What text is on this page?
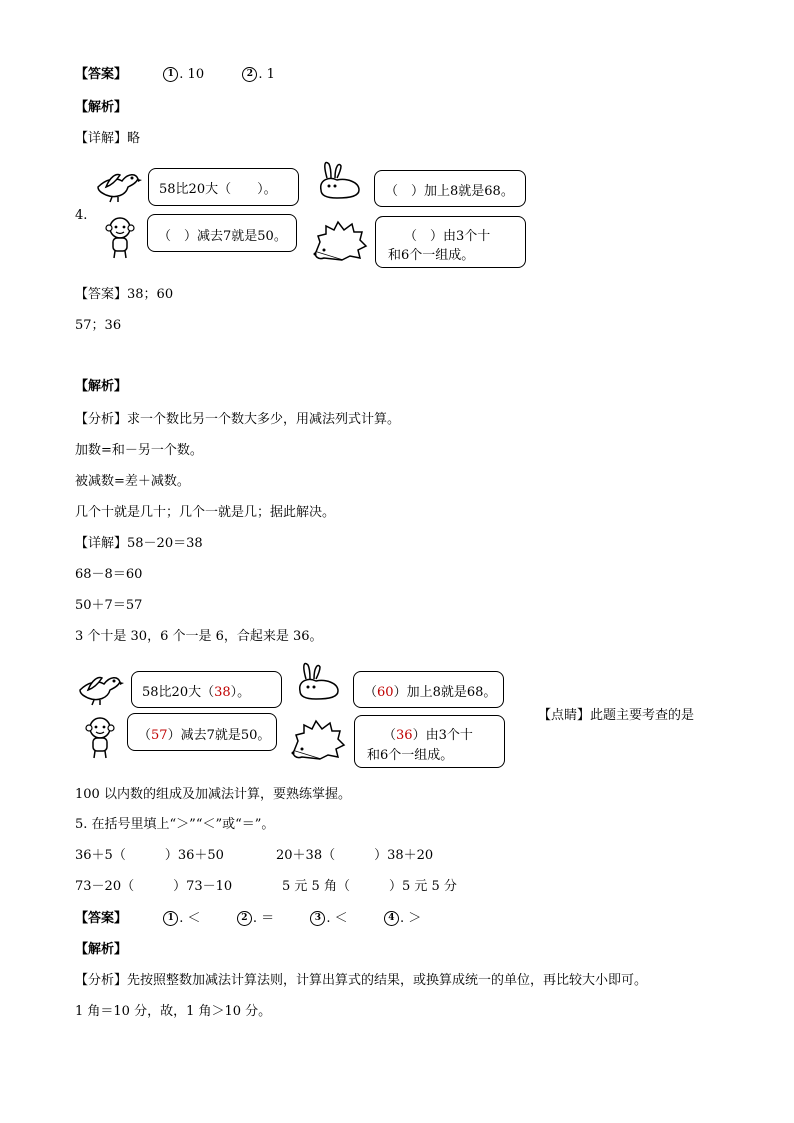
【答案】	1 . 10	2 . 1
【解析】
【详解】略
4.
58比20大（　　）。	（　）加上8就是68。
（　）减去7就是50。	（　）由3个十
和6个一组成。
【答案】38；60
57；36
【解析】
【分析】求一个数比另一个数大多少，用减法列式计算。
加数=和－另一个数。
被减数=差＋减数。
几个十就是几十；几个一就是几；据此解决。
【详解】58－20＝38
68－8＝60
50＋7＝57
3 个十是 30，6 个一是 6，合起来是 36。
58比20大（38）。	（60）加上8就是68。
（57）减去7就是50。	（36）由3个十
和6个一组成。
【点睛】此题主要考查的是
100 以内数的组成及加减法计算，要熟练掌握。
5. 在括号里填上“＞”“＜”或“＝”。
36＋5（　　　）36＋50	20＋38（　　　）38＋20
73－20（　　　）73－10	5 元 5 角（　　　）5 元 5 分
【答案】	1 . ＜	2 . ＝	3 . ＜	4 . ＞
【解析】
【分析】先按照整数加减法计算法则，计算出算式的结果，或换算成统一的单位，再比较大小即可。
1 角＝10 分，故，1 角＞10 分。
